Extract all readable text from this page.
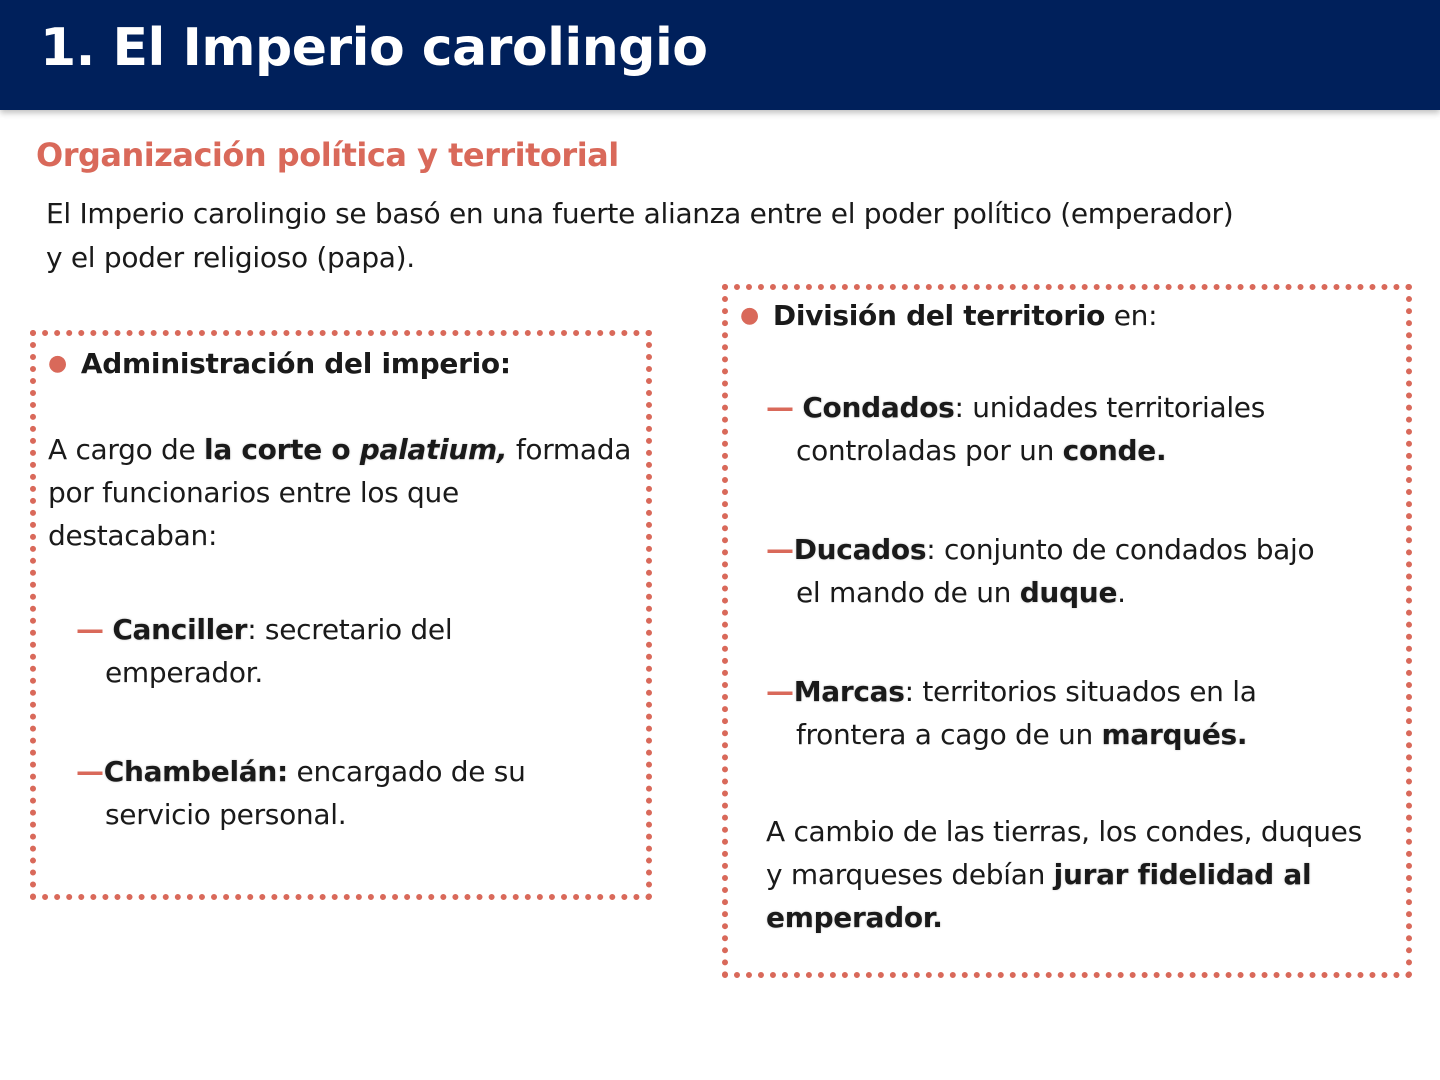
1. El Imperio carolingio
Organización política y territorial
El Imperio carolingio se basó en una fuerte alianza entre el poder político (emperador)
y el poder religioso (papa).
● Administración del imperio:
A cargo de la corte o palatium, formada
por funcionarios entre los que
destacaban:
— Canciller: secretario del
emperador.
—Chambelán: encargado de su
servicio personal.
● División del territorio en:
— Condados: unidades territoriales
controladas por un conde.
—Ducados: conjunto de condados bajo
el mando de un duque.
—Marcas: territorios situados en la
frontera a cago de un marqués.
A cambio de las tierras, los condes, duques
y marqueses debían jurar fidelidad al
emperador.
